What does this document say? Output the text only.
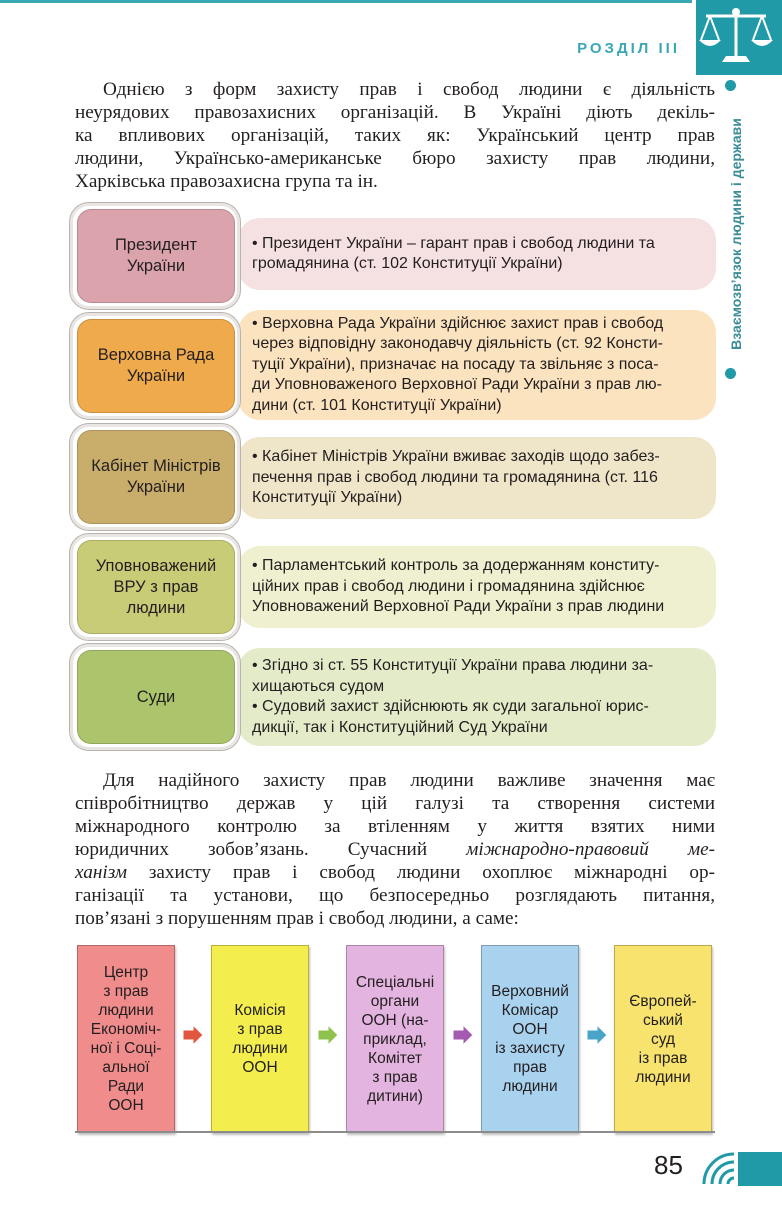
РОЗДІЛ III
Взаємозв’язок людини і держави
Однією з форм захисту прав і свобод людини є діяльність
неурядових правозахисних організацій. В Україні діють декіль-
ка впливових організацій, таких як: Український центр прав
людини, Українсько-американське бюро захисту прав людини,
Харківська правозахисна група та ін.
• Президент України – гарант прав і свобод людини та
громадянина (ст. 102 Конституції України)
Президент
України
• Верховна Рада України здійснює захист прав і свобод
через відповідну законодавчу діяльність (ст. 92 Консти-
туції України), призначає на посаду та звільняє з поса-
ди Уповноваженого Верховної Ради України з прав лю-
дини (ст. 101 Конституції України)
Верховна Рада
України
• Кабінет Міністрів України вживає заходів щодо забез-
печення прав і свобод людини та громадянина (ст. 116
Конституції України)
Кабінет Міністрів
України
• Парламентський контроль за додержанням конститу-
ційних прав і свобод людини і громадянина здійснює
Уповноважений Верховної Ради України з прав людини
Уповноважений
ВРУ з прав
людини
• Згідно зі ст. 55 Конституції України права людини за-
хищаються судом
• Судовий захист здійснюють як суди загальної юрис-
дикції, так і Конституційний Суд України
Суди
Для надійного захисту прав людини важливе значення має
співробітництво держав у цій галузі та створення системи
міжнародного контролю за втіленням у життя взятих ними
юридичних зобов’язань. Сучасний міжнародно-правовий ме-
ханізм захисту прав і свобод людини охоплює міжнародні ор-
ганізації та установи, що безпосередньо розглядають питання,
пов’язані з порушенням прав і свобод людини, а саме:
Центр
з прав
людини
Економіч-
ної і Соці-
альної
Ради
ООН
Комісія
з прав
людини
ООН
Спеціальні
органи
ООН (на-
приклад,
Комітет
з прав
дитини)
Верховний
Комісар
ООН
із захисту
прав
людини
Європей-
ський
суд
із прав
людини
85
